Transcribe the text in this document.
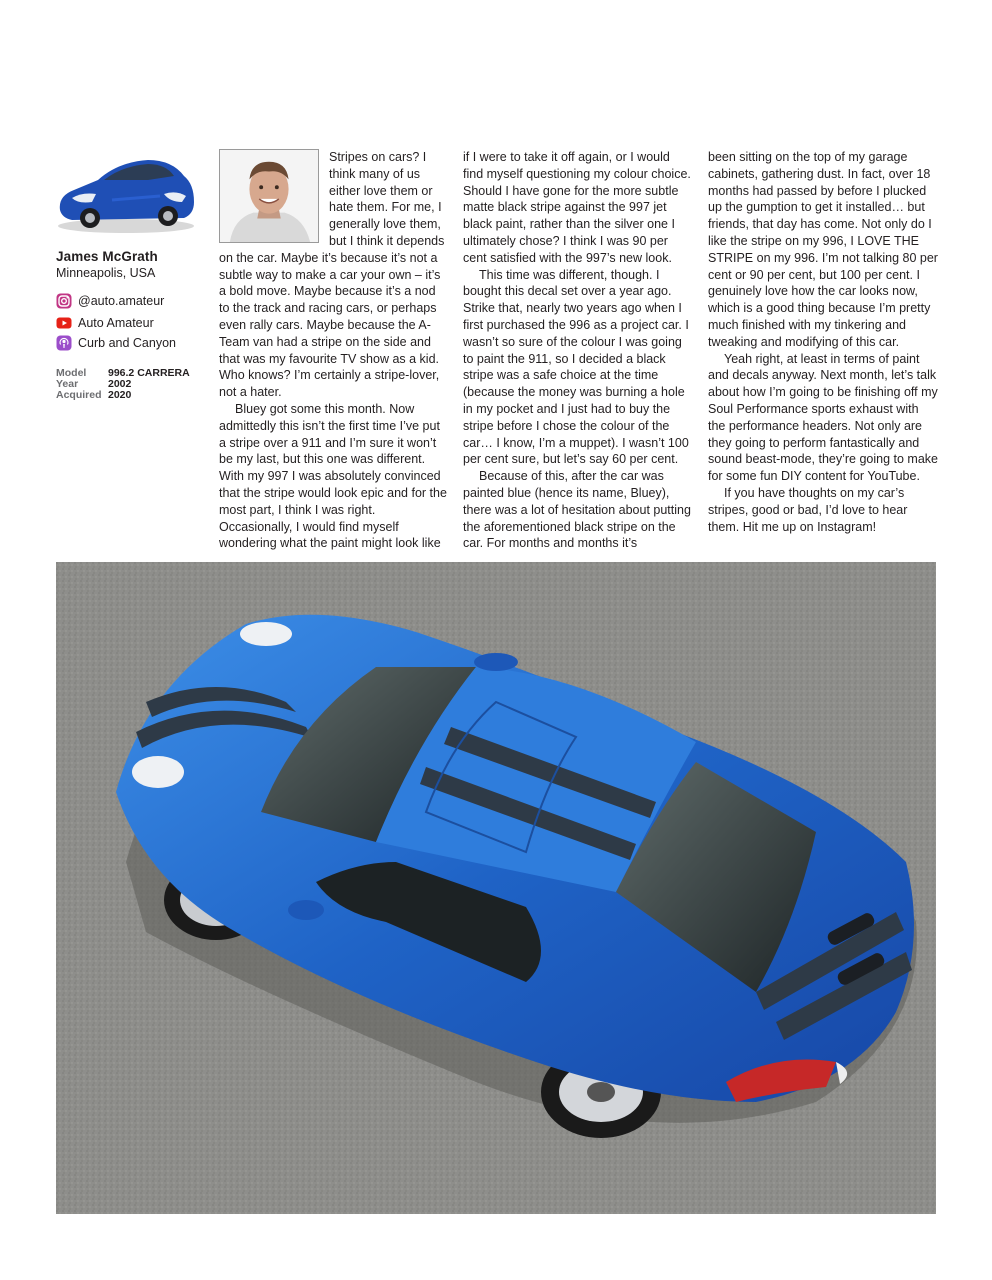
James McGrath
Minneapolis, USA
@auto.amateur
Auto Amateur
Curb and Canyon
Model	996.2 CARRERA
Year	2002
Acquired 2020

Stripes on cars? I think many of us either love them or hate them. For me, I generally love them, but I think it depends on the car. Maybe it’s because it’s not a subtle way to make a car your own – it’s a bold move. Maybe because it’s a nod to the track and racing cars, or perhaps even rally cars. Maybe because the A-Team van had a stripe on the side and that was my favourite TV show as a kid. Who knows? I’m certainly a stripe-lover, not a hater.

Bluey got some this month. Now admittedly this isn’t the first time I’ve put a stripe over a 911 and I’m sure it won’t be my last, but this one was different. With my 997 I was absolutely convinced that the stripe would look epic and for the most part, I think I was right. Occasionally, I would find myself wondering what the paint might look like

if I were to take it off again, or I would find myself questioning my colour choice. Should I have gone for the more subtle matte black stripe against the 997 jet black paint, rather than the silver one I ultimately chose? I think I was 90 per cent satisfied with the 997’s new look.

This time was different, though. I bought this decal set over a year ago. Strike that, nearly two years ago when I first purchased the 996 as a project car. I wasn’t so sure of the colour I was going to paint the 911, so I decided a black stripe was a safe choice at the time (because the money was burning a hole in my pocket and I just had to buy the stripe before I chose the colour of the car… I know, I’m a muppet). I wasn’t 100 per cent sure, but let’s say 60 per cent.

Because of this, after the car was painted blue (hence its name, Bluey), there was a lot of hesitation about putting the aforementioned black stripe on the car. For months and months it’s

been sitting on the top of my garage cabinets, gathering dust. In fact, over 18 months had passed by before I plucked up the gumption to get it installed… but friends, that day has come. Not only do I like the stripe on my 996, I LOVE THE STRIPE on my 996. I’m not talking 80 per cent or 90 per cent, but 100 per cent. I genuinely love how the car looks now, which is a good thing because I’m pretty much finished with my tinkering and tweaking and modifying of this car.

Yeah right, at least in terms of paint and decals anyway. Next month, let’s talk about how I’m going to be finishing off my Soul Performance sports exhaust with the performance headers. Not only are they going to perform fantastically and sound beast-mode, they’re going to make for some fun DIY content for YouTube.

If you have thoughts on my car’s stripes, good or bad, I’d love to hear them. Hit me up on Instagram!
